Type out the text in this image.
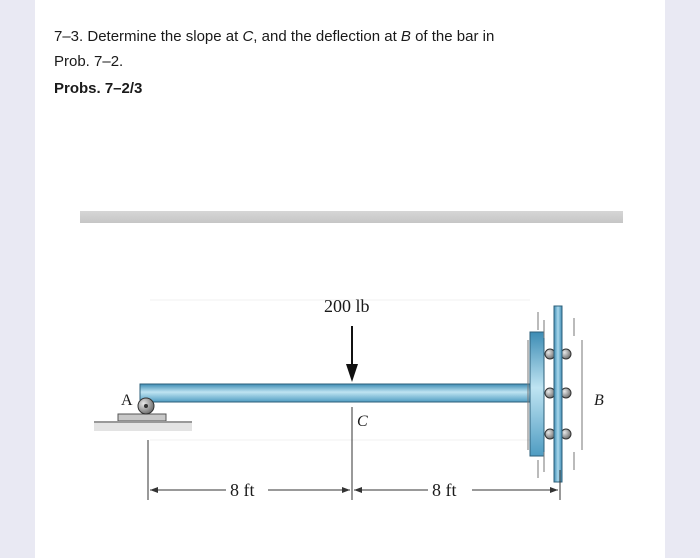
7–3. Determine the slope at C, and the deflection at B of the bar in
Prob. 7–2.
Probs. 7–2/3
200 lb
A	B
C
8 ft	8 ft
